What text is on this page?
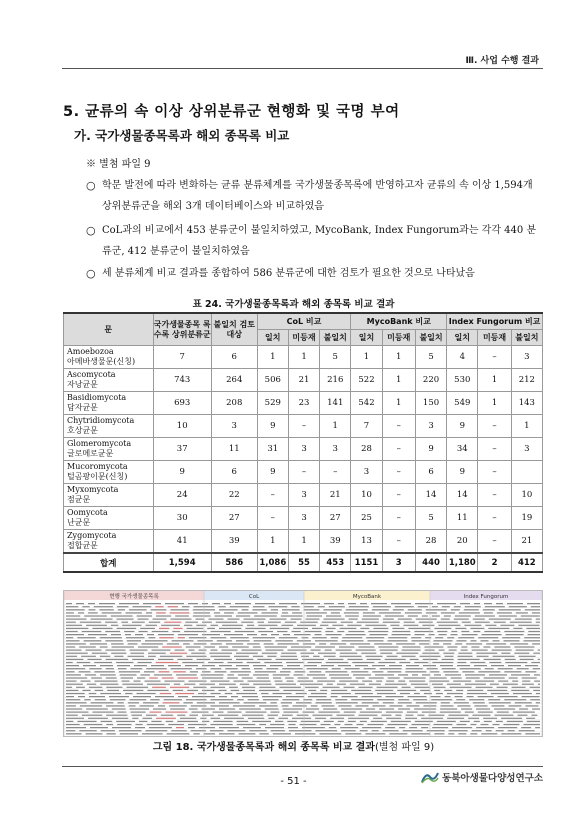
Ⅲ. 사업 수행 결과
5. 균류의 속 이상 상위분류군 현행화 및 국명 부여
가. 국가생물종목록과 해외 종목록 비교
※ 별첨 파일 9
○ 학문 발전에 따라 변화하는 균류 분류체계를 국가생물종목록에 반영하고자 균류의 속 이상 1,594개 상위분류군을 해외 3개 데이터베이스와 비교하였음
○ CoL과의 비교에서 453 분류군이 불일치하였고, MycoBank, Index Fungorum과는 각각 440 분류군, 412 분류군이 불일치하였음
○ 세 분류체계 비교 결과를 종합하여 586 분류군에 대한 검토가 필요한 것으로 나타났음
표 24. 국가생물종목록과 해외 종목록 비교 결과
문	국가생물종목 록 수록 상위분류군	불일치 검토 대상	CoL 비교			MycoBank 비교			Index Fungorum 비교		
			일치	미등재	불일치	일치	미등재	불일치	일치	미등재	불일치

Amoebozoa
아메바생물문(신칭)	7	6	1	1	5	1	1	5	4	–	3

Ascomycota
자낭균문	743	264	506	21	216	522	1	220	530	1	212

Basidiomycota
담자균문	693	208	529	23	141	542	1	150	549	1	143

Chytridiomycota
호상균문	10	3	9	–	1	7	–	3	9	–	1

Glomeromycota
글로메로균문	37	11	31	3	3	28	–	9	34	–	3

Mucoromycota
털곰팡이문(신칭)	9	6	9	–	–	3	–	6	9	–	

Myxomycota
점균문	24	22	–	3	21	10	–	14	14	–	10

Oomycota
난균문	30	27	–	3	27	25	–	5	11	–	19

Zygomycota
접합균문	41	39	1	1	39	13	–	28	20	–	21
합계	1,594	586	1,086	55	453	1151	3	440	1,180	2	412
현행 국가생물종목록	CoL	MycoBank	Index Fungorum
그림 18. 국가생물종목록과 해외 종목록 비교 결과(별첨 파일 9)
- 51 -	동북아생물다양성연구소
